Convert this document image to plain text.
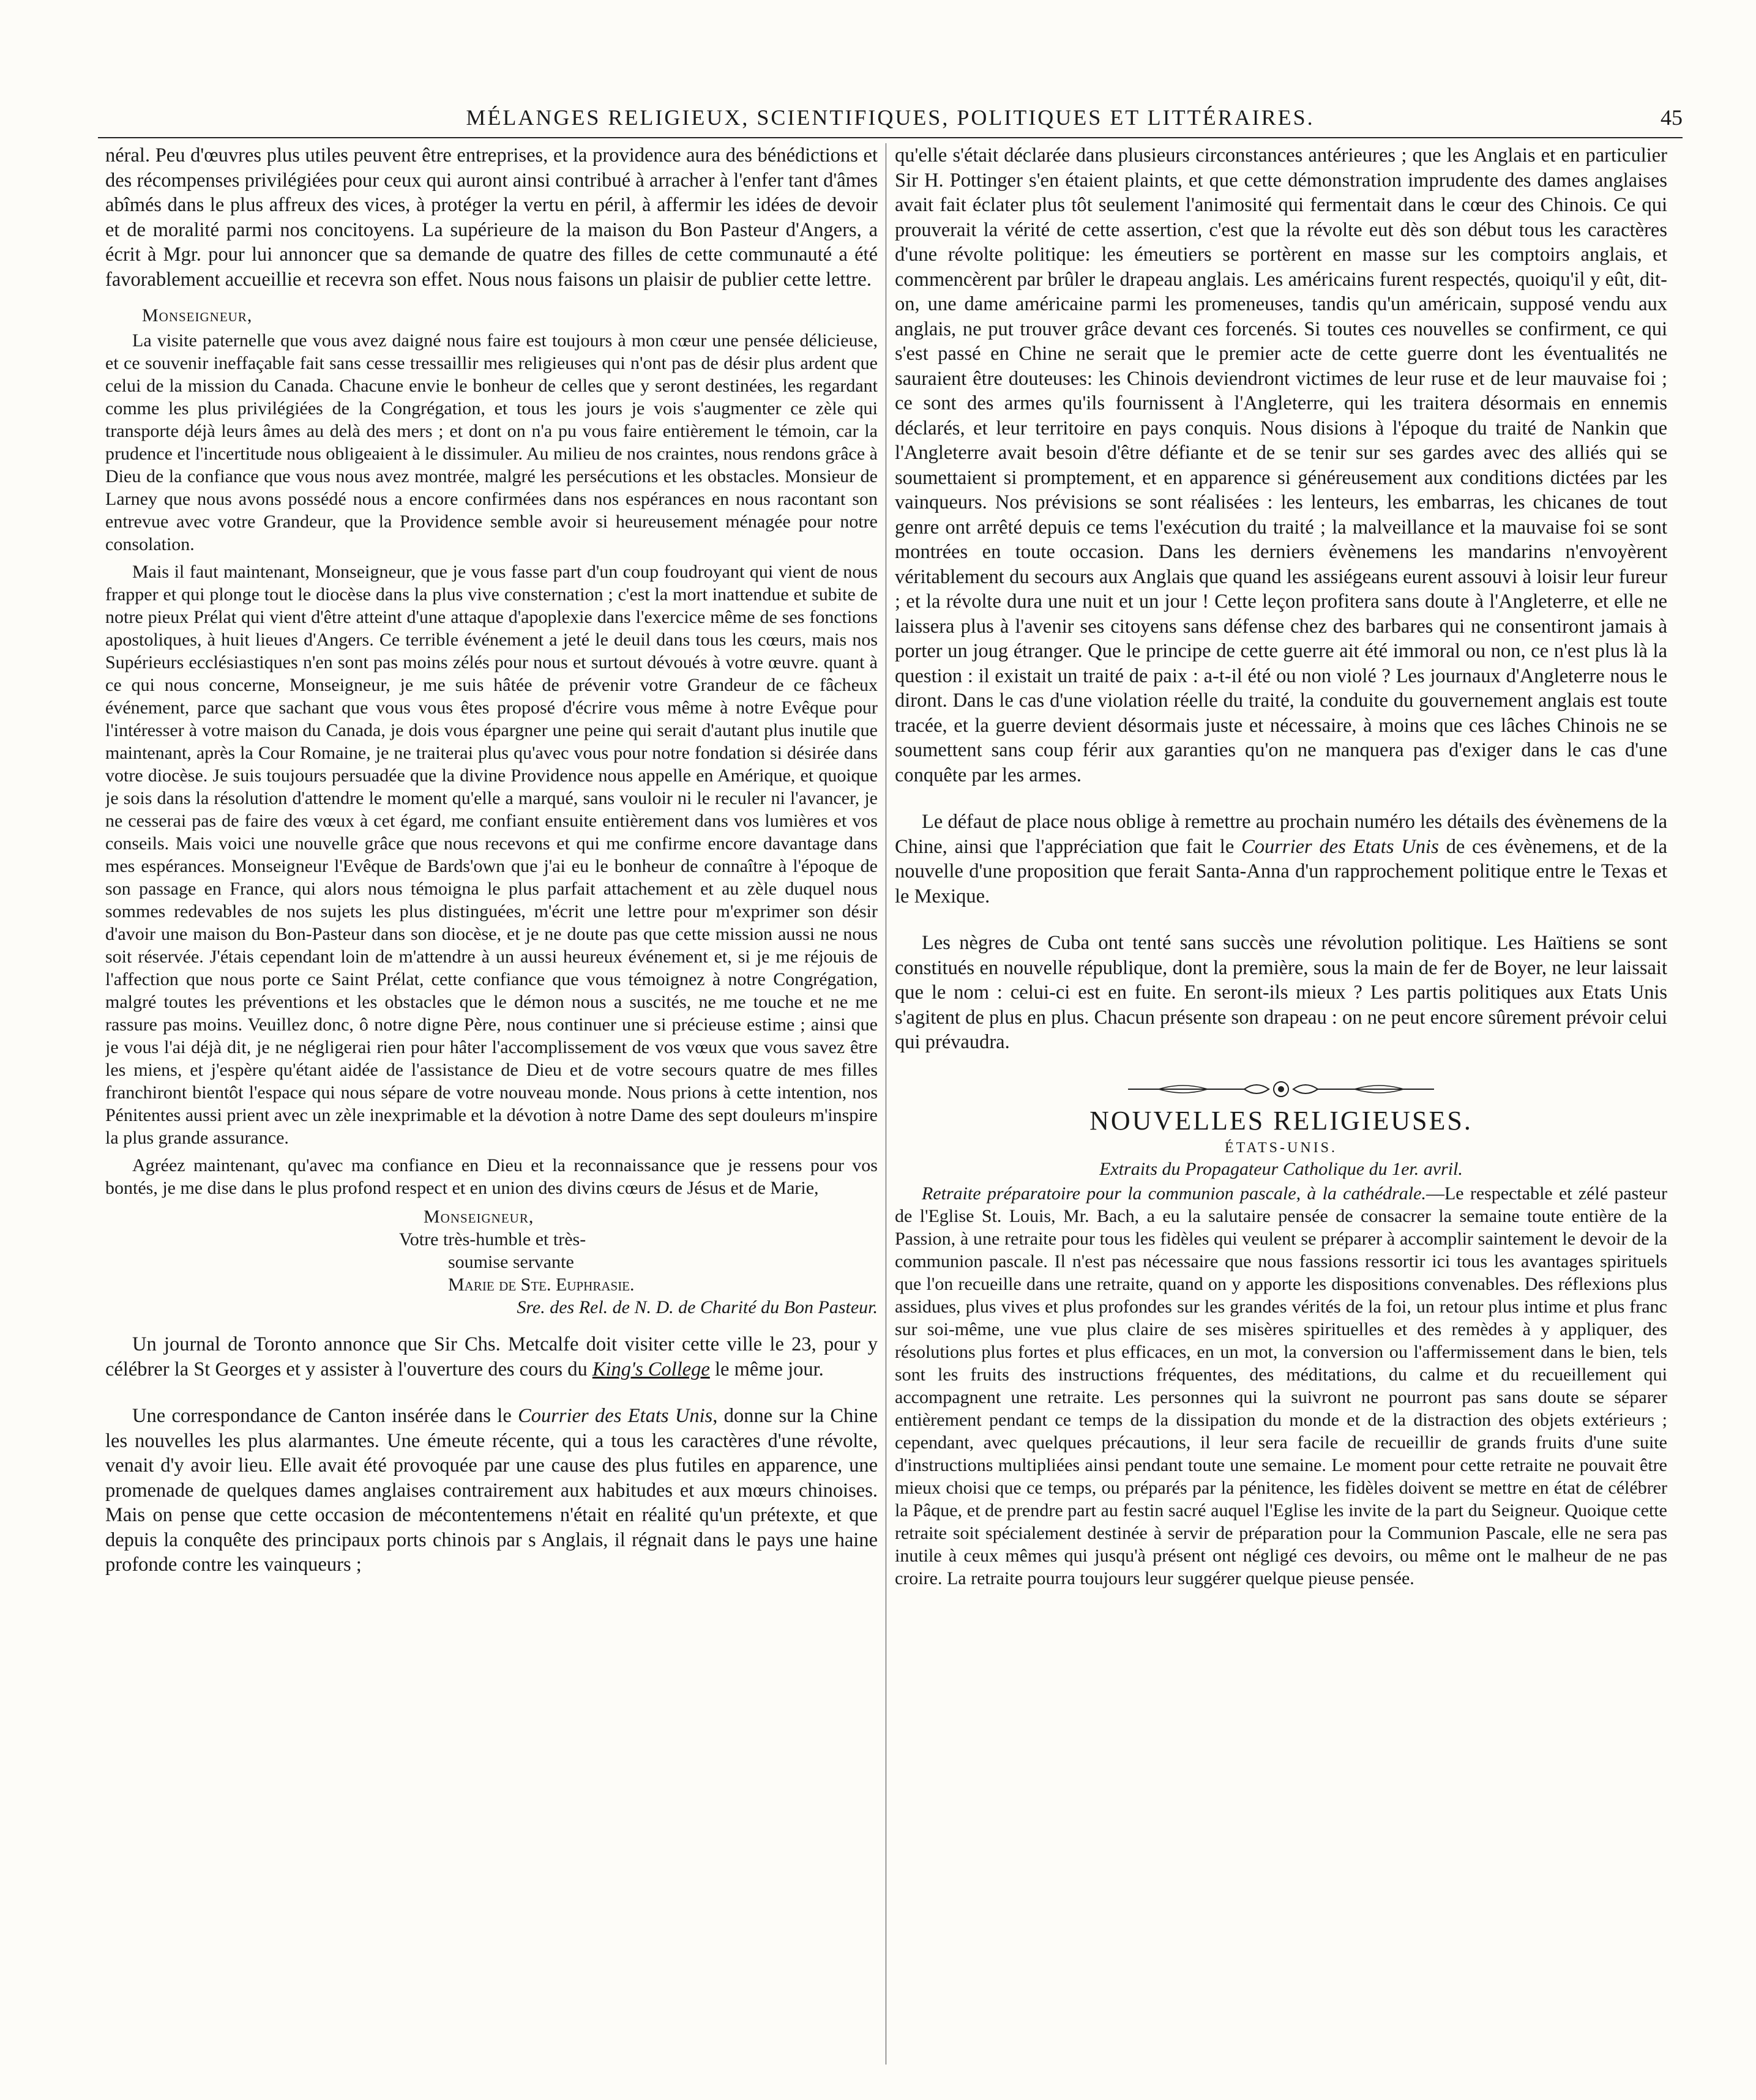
MÉLANGES RELIGIEUX, SCIENTIFIQUES, POLITIQUES ET LITTÉRAIRES.	45

néral. Peu d'œuvres plus utiles peuvent être entreprises, et la providence aura des bénédictions et des récompenses privilégiées pour ceux qui auront ainsi contribué à arracher à l'enfer tant d'âmes abîmés dans le plus affreux des vices, à protéger la vertu en péril, à affermir les idées de devoir et de moralité parmi nos concitoyens. La supérieure de la maison du Bon Pasteur d'Angers, a écrit à Mgr. pour lui annoncer que sa demande de quatre des filles de cette communauté a été favorablement accueillie et recevra son effet. Nous nous faisons un plaisir de publier cette lettre.

Monseigneur,

La visite paternelle que vous avez daigné nous faire est toujours à mon cœur une pensée délicieuse, et ce souvenir ineffaçable fait sans cesse tressaillir mes religieuses qui n'ont pas de désir plus ardent que celui de la mission du Canada. Chacune envie le bonheur de celles que y seront destinées, les regardant comme les plus privilégiées de la Congrégation, et tous les jours je vois s'augmenter ce zèle qui transporte déjà leurs âmes au delà des mers ; et dont on n'a pu vous faire entièrement le témoin, car la prudence et l'incertitude nous obligeaient à le dissimuler. Au milieu de nos craintes, nous rendons grâce à Dieu de la confiance que vous nous avez montrée, malgré les persécutions et les obstacles. Monsieur de Larney que nous avons possédé nous a encore confirmées dans nos espérances en nous racontant son entrevue avec votre Grandeur, que la Providence semble avoir si heureusement ménagée pour notre consolation.

Mais il faut maintenant, Monseigneur, que je vous fasse part d'un coup foudroyant qui vient de nous frapper et qui plonge tout le diocèse dans la plus vive consternation ; c'est la mort inattendue et subite de notre pieux Prélat qui vient d'être atteint d'une attaque d'apoplexie dans l'exercice même de ses fonctions apostoliques, à huit lieues d'Angers. Ce terrible événement a jeté le deuil dans tous les cœurs, mais nos Supérieurs ecclésiastiques n'en sont pas moins zélés pour nous et surtout dévoués à votre œuvre. quant à ce qui nous concerne, Monseigneur, je me suis hâtée de prévenir votre Grandeur de ce fâcheux événement, parce que sachant que vous vous êtes proposé d'écrire vous même à notre Evêque pour l'intéresser à votre maison du Canada, je dois vous épargner une peine qui serait d'autant plus inutile que maintenant, après la Cour Romaine, je ne traiterai plus qu'avec vous pour notre fondation si désirée dans votre diocèse. Je suis toujours persuadée que la divine Providence nous appelle en Amérique, et quoique je sois dans la résolution d'attendre le moment qu'elle a marqué, sans vouloir ni le reculer ni l'avancer, je ne cesserai pas de faire des vœux à cet égard, me confiant ensuite entièrement dans vos lumières et vos conseils. Mais voici une nouvelle grâce que nous recevons et qui me confirme encore davantage dans mes espérances. Monseigneur l'Evêque de Bards'own que j'ai eu le bonheur de connaître à l'époque de son passage en France, qui alors nous témoigna le plus parfait attachement et au zèle duquel nous sommes redevables de nos sujets les plus distinguées, m'écrit une lettre pour m'exprimer son désir d'avoir une maison du Bon-Pasteur dans son diocèse, et je ne doute pas que cette mission aussi ne nous soit réservée. J'étais cependant loin de m'attendre à un aussi heureux événement et, si je me réjouis de l'affection que nous porte ce Saint Prélat, cette confiance que vous témoignez à notre Congrégation, malgré toutes les préventions et les obstacles que le démon nous a suscités, ne me touche et ne me rassure pas moins. Veuillez donc, ô notre digne Père, nous continuer une si précieuse estime ; ainsi que je vous l'ai déjà dit, je ne négligerai rien pour hâter l'accomplissement de vos vœux que vous savez être les miens, et j'espère qu'étant aidée de l'assistance de Dieu et de votre secours quatre de mes filles franchiront bientôt l'espace qui nous sépare de votre nouveau monde. Nous prions à cette intention, nos Pénitentes aussi prient avec un zèle inexprimable et la dévotion à notre Dame des sept douleurs m'inspire la plus grande assurance.

Agréez maintenant, qu'avec ma confiance en Dieu et la reconnaissance que je ressens pour vos bontés, je me dise dans le plus profond respect et en union des divins cœurs de Jésus et de Marie,

Monseigneur,
Votre très-humble et très-
soumise servante
Marie de Ste. Euphrasie.
Sre. des Rel. de N. D. de Charité du Bon Pasteur.

Un journal de Toronto annonce que Sir Chs. Metcalfe doit visiter cette ville le 23, pour y célébrer la St Georges et y assister à l'ouverture des cours du King's College le même jour.

Une correspondance de Canton insérée dans le Courrier des Etats Unis, donne sur la Chine les nouvelles les plus alarmantes. Une émeute récente, qui a tous les caractères d'une révolte, venait d'y avoir lieu. Elle avait été provoquée par une cause des plus futiles en apparence, une promenade de quelques dames anglaises contrairement aux habitudes et aux mœurs chinoises. Mais on pense que cette occasion de mécontentemens n'était en réalité qu'un prétexte, et que depuis la conquête des principaux ports chinois par s Anglais, il régnait dans le pays une haine profonde contre les vainqueurs ;

qu'elle s'était déclarée dans plusieurs circonstances antérieures ; que les Anglais et en particulier Sir H. Pottinger s'en étaient plaints, et que cette démonstration imprudente des dames anglaises avait fait éclater plus tôt seulement l'animosité qui fermentait dans le cœur des Chinois. Ce qui prouverait la vérité de cette assertion, c'est que la révolte eut dès son début tous les caractères d'une révolte politique: les émeutiers se portèrent en masse sur les comptoirs anglais, et commencèrent par brûler le drapeau anglais. Les américains furent respectés, quoiqu'il y eût, dit-on, une dame américaine parmi les promeneuses, tandis qu'un américain, supposé vendu aux anglais, ne put trouver grâce devant ces forcenés. Si toutes ces nouvelles se confirment, ce qui s'est passé en Chine ne serait que le premier acte de cette guerre dont les éventualités ne sauraient être douteuses: les Chinois deviendront victimes de leur ruse et de leur mauvaise foi ; ce sont des armes qu'ils fournissent à l'Angleterre, qui les traitera désormais en ennemis déclarés, et leur territoire en pays conquis. Nous disions à l'époque du traité de Nankin que l'Angleterre avait besoin d'être défiante et de se tenir sur ses gardes avec des alliés qui se soumettaient si promptement, et en apparence si généreusement aux conditions dictées par les vainqueurs. Nos prévisions se sont réalisées : les lenteurs, les embarras, les chicanes de tout genre ont arrêté depuis ce tems l'exécution du traité ; la malveillance et la mauvaise foi se sont montrées en toute occasion. Dans les derniers évènemens les mandarins n'envoyèrent véritablement du secours aux Anglais que quand les assiégeans eurent assouvi à loisir leur fureur ; et la révolte dura une nuit et un jour ! Cette leçon profitera sans doute à l'Angleterre, et elle ne laissera plus à l'avenir ses citoyens sans défense chez des barbares qui ne consentiront jamais à porter un joug étranger. Que le principe de cette guerre ait été immoral ou non, ce n'est plus là la question : il existait un traité de paix : a-t-il été ou non violé ? Les journaux d'Angleterre nous le diront. Dans le cas d'une violation réelle du traité, la conduite du gouvernement anglais est toute tracée, et la guerre devient désormais juste et nécessaire, à moins que ces lâches Chinois ne se soumettent sans coup férir aux garanties qu'on ne manquera pas d'exiger dans le cas d'une conquête par les armes.

Le défaut de place nous oblige à remettre au prochain numéro les détails des évènemens de la Chine, ainsi que l'appréciation que fait le Courrier des Etats Unis de ces évènemens, et de la nouvelle d'une proposition que ferait Santa-Anna d'un rapprochement politique entre le Texas et le Mexique.

Les nègres de Cuba ont tenté sans succès une révolution politique. Les Haïtiens se sont constitués en nouvelle république, dont la première, sous la main de fer de Boyer, ne leur laissait que le nom : celui-ci est en fuite. En seront-ils mieux ? Les partis politiques aux Etats Unis s'agitent de plus en plus. Chacun présente son drapeau : on ne peut encore sûrement prévoir celui qui prévaudra.

NOUVELLES RELIGIEUSES.
ÉTATS-UNIS.
Extraits du Propagateur Catholique du 1er. avril.

Retraite préparatoire pour la communion pascale, à la cathédrale.—Le respectable et zélé pasteur de l'Eglise St. Louis, Mr. Bach, a eu la salutaire pensée de consacrer la semaine toute entière de la Passion, à une retraite pour tous les fidèles qui veulent se préparer à accomplir saintement le devoir de la communion pascale. Il n'est pas nécessaire que nous fassions ressortir ici tous les avantages spirituels que l'on recueille dans une retraite, quand on y apporte les dispositions convenables. Des réflexions plus assidues, plus vives et plus profondes sur les grandes vérités de la foi, un retour plus intime et plus franc sur soi-même, une vue plus claire de ses misères spirituelles et des remèdes à y appliquer, des résolutions plus fortes et plus efficaces, en un mot, la conversion ou l'affermissement dans le bien, tels sont les fruits des instructions fréquentes, des méditations, du calme et du recueillement qui accompagnent une retraite. Les personnes qui la suivront ne pourront pas sans doute se séparer entièrement pendant ce temps de la dissipation du monde et de la distraction des objets extérieurs ; cependant, avec quelques précautions, il leur sera facile de recueillir de grands fruits d'une suite d'instructions multipliées ainsi pendant toute une semaine. Le moment pour cette retraite ne pouvait être mieux choisi que ce temps, ou préparés par la pénitence, les fidèles doivent se mettre en état de célébrer la Pâque, et de prendre part au festin sacré auquel l'Eglise les invite de la part du Seigneur. Quoique cette retraite soit spécialement destinée à servir de préparation pour la Communion Pascale, elle ne sera pas inutile à ceux mêmes qui jusqu'à présent ont négligé ces devoirs, ou même ont le malheur de ne pas croire. La retraite pourra toujours leur suggérer quelque pieuse pensée.
